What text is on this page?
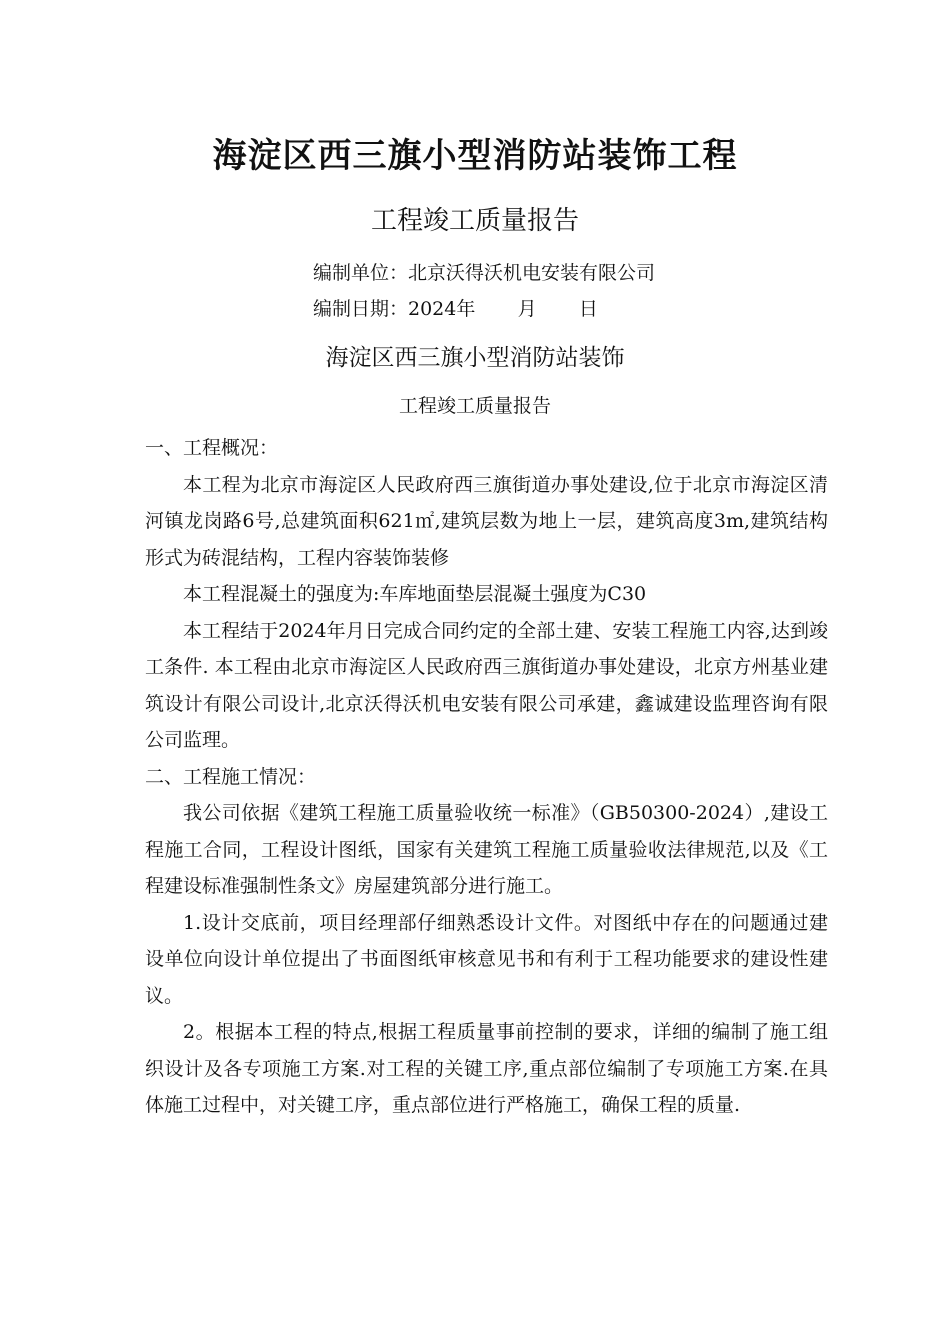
海淀区西三旗小型消防站装饰工程
工程竣工质量报告
编制单位：北京沃得沃机电安装有限公司
编制日期：2024年       月       日
海淀区西三旗小型消防站装饰
工程竣工质量报告

一、工程概况：

本工程为北京市海淀区人民政府西三旗街道办事处建设,位于北京市海淀区清河镇龙岗路6号,总建筑面积621㎡,建筑层数为地上一层，建筑高度3m,建筑结构形式为砖混结构，工程内容装饰装修

本工程混凝土的强度为:车库地面垫层混凝土强度为C30

本工程结于2024年月日完成合同约定的全部土建、安装工程施工内容,达到竣工条件. 本工程由北京市海淀区人民政府西三旗街道办事处建设，北京方州基业建筑设计有限公司设计,北京沃得沃机电安装有限公司承建，鑫诚建设监理咨询有限公司监理。

二、工程施工情况：

我公司依据《建筑工程施工质量验收统一标准》（GB50300-2024）,建设工程施工合同，工程设计图纸，国家有关建筑工程施工质量验收法律规范,以及《工程建设标准强制性条文》房屋建筑部分进行施工。

1.设计交底前，项目经理部仔细熟悉设计文件。对图纸中存在的问题通过建设单位向设计单位提出了书面图纸审核意见书和有利于工程功能要求的建设性建议。

2。根据本工程的特点,根据工程质量事前控制的要求，详细的编制了施工组织设计及各专项施工方案.对工程的关键工序,重点部位编制了专项施工方案.在具体施工过程中，对关键工序，重点部位进行严格施工，确保工程的质量.
